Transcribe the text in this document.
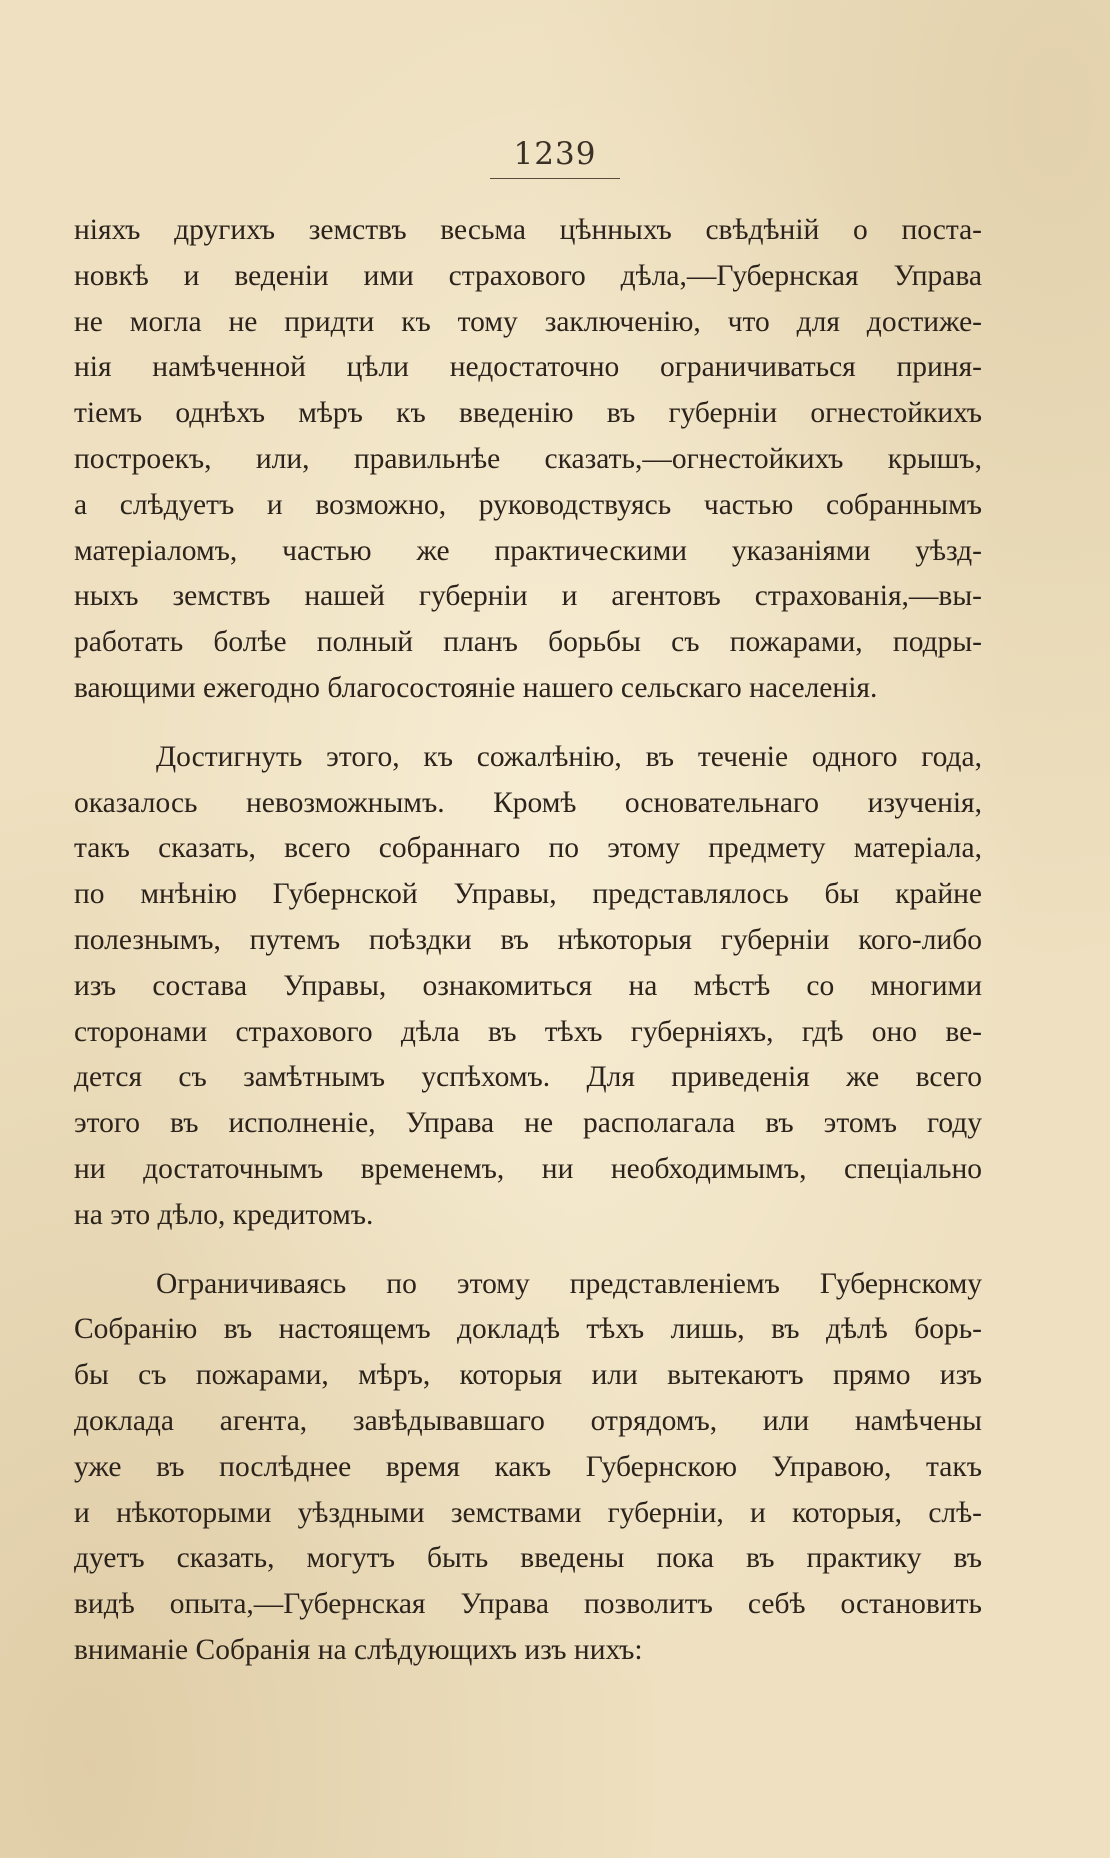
1239
ніяхъ другихъ земствъ весьма цѣнныхъ свѣдѣній о поста-
новкѣ и веденіи ими страхового дѣла,—Губернская Управа
не могла не придти къ тому заключенію, что для достиже-
нія намѣченной цѣли недостаточно ограничиваться приня-
тіемъ однѣхъ мѣръ къ введенію въ губерніи огнестойкихъ
построекъ, или, правильнѣе сказать,—огнестойкихъ крышъ,
а слѣдуетъ и возможно, руководствуясь частью собраннымъ
матеріаломъ, частью же практическими указаніями уѣзд-
ныхъ земствъ нашей губерніи и агентовъ страхованія,—вы-
работать болѣе полный планъ борьбы съ пожарами, подры-
вающими ежегодно благосостояніе нашего сельскаго населенія.
Достигнуть этого, къ сожалѣнію, въ теченіе одного года,
оказалось невозможнымъ. Кромѣ основательнаго изученія,
такъ сказать, всего собраннаго по этому предмету матеріала,
по мнѣнію Губернской Управы, представлялось бы крайне
полезнымъ, путемъ поѣздки въ нѣкоторыя губерніи кого-либо
изъ состава Управы, ознакомиться на мѣстѣ со многими
сторонами страхового дѣла въ тѣхъ губерніяхъ, гдѣ оно ве-
дется съ замѣтнымъ успѣхомъ. Для приведенія же всего
этого въ исполненіе, Управа не располагала въ этомъ году
ни достаточнымъ временемъ, ни необходимымъ, спеціально
на это дѣло, кредитомъ.
Ограничиваясь по этому представленіемъ Губернскому
Собранію въ настоящемъ докладѣ тѣхъ лишь, въ дѣлѣ борь-
бы съ пожарами, мѣръ, которыя или вытекаютъ прямо изъ
доклада агента, завѣдывавшаго отрядомъ, или намѣчены
уже въ послѣднее время какъ Губернскою Управою, такъ
и нѣкоторыми уѣздными земствами губерніи, и которыя, слѣ-
дуетъ сказать, могутъ быть введены пока въ практику въ
видѣ опыта,—Губернская Управа позволитъ себѣ остановить
вниманіе Собранія на слѣдующихъ изъ нихъ:
